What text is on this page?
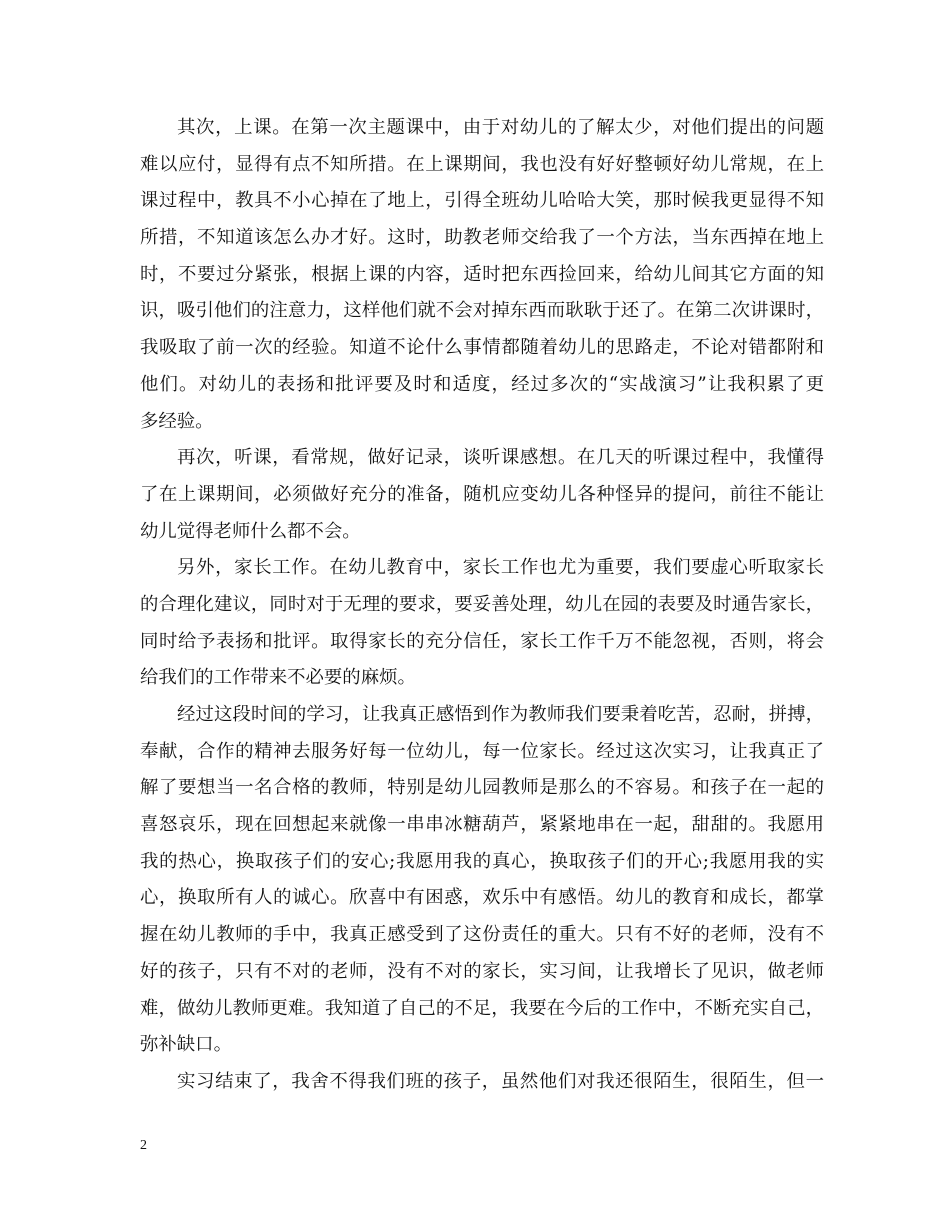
其次，上课。在第一次主题课中，由于对幼儿的了解太少，对他们提出的问题
难以应付，显得有点不知所措。在上课期间，我也没有好好整顿好幼儿常规，在上
课过程中，教具不小心掉在了地上，引得全班幼儿哈哈大笑，那时候我更显得不知
所措，不知道该怎么办才好。这时，助教老师交给我了一个方法，当东西掉在地上
时，不要过分紧张，根据上课的内容，适时把东西捡回来，给幼儿间其它方面的知
识，吸引他们的注意力，这样他们就不会对掉东西而耿耿于还了。在第二次讲课时，
我吸取了前一次的经验。知道不论什么事情都随着幼儿的思路走，不论对错都附和
他们。对幼儿的表扬和批评要及时和适度，经过多次的“实战演习”让我积累了更
多经验。
再次，听课，看常规，做好记录，谈听课感想。在几天的听课过程中，我懂得
了在上课期间，必须做好充分的准备，随机应变幼儿各种怪异的提问，前往不能让
幼儿觉得老师什么都不会。
另外，家长工作。在幼儿教育中，家长工作也尤为重要，我们要虚心听取家长
的合理化建议，同时对于无理的要求，要妥善处理，幼儿在园的表要及时通告家长，
同时给予表扬和批评。取得家长的充分信任，家长工作千万不能忽视，否则，将会
给我们的工作带来不必要的麻烦。
经过这段时间的学习，让我真正感悟到作为教师我们要秉着吃苦，忍耐，拼搏，
奉献，合作的精神去服务好每一位幼儿，每一位家长。经过这次实习，让我真正了
解了要想当一名合格的教师，特别是幼儿园教师是那么的不容易。和孩子在一起的
喜怒哀乐，现在回想起来就像一串串冰糖葫芦，紧紧地串在一起，甜甜的。我愿用
我的热心，换取孩子们的安心;我愿用我的真心，换取孩子们的开心;我愿用我的实
心，换取所有人的诚心。欣喜中有困惑，欢乐中有感悟。幼儿的教育和成长，都掌
握在幼儿教师的手中，我真正感受到了这份责任的重大。只有不好的老师，没有不
好的孩子，只有不对的老师，没有不对的家长，实习间，让我增长了见识，做老师
难，做幼儿教师更难。我知道了自己的不足，我要在今后的工作中，不断充实自己，
弥补缺口。
实习结束了，我舍不得我们班的孩子，虽然他们对我还很陌生，很陌生，但一
2
